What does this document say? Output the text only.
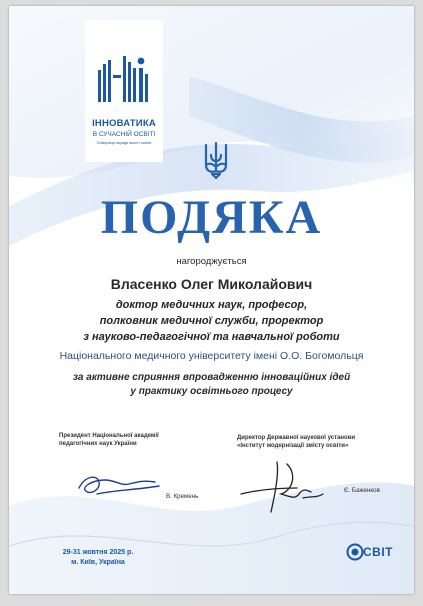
ІННОВАТИКА
В СУЧАСНІЙ ОСВІТІ
Співпраця заради якості освіти
ПОДЯКА
нагороджується
Власенко Олег Миколайович
доктор медичних наук, професор,
полковник медичної служби, проректор
з науково-педагогічної та навчальної роботи
Національного медичного університету імені О.О. Богомольця
за активне сприяння впровадженню інноваційних ідей
у практику освітнього процесу
Президент Національної академії
педагогічних наук України
В. Кремень
Директор Державної наукової установи
«Інститут модернізації змісту освіти»
Є. Баженков
29-31 жовтня 2025 р.
м. Київ, Україна
СВІТ
